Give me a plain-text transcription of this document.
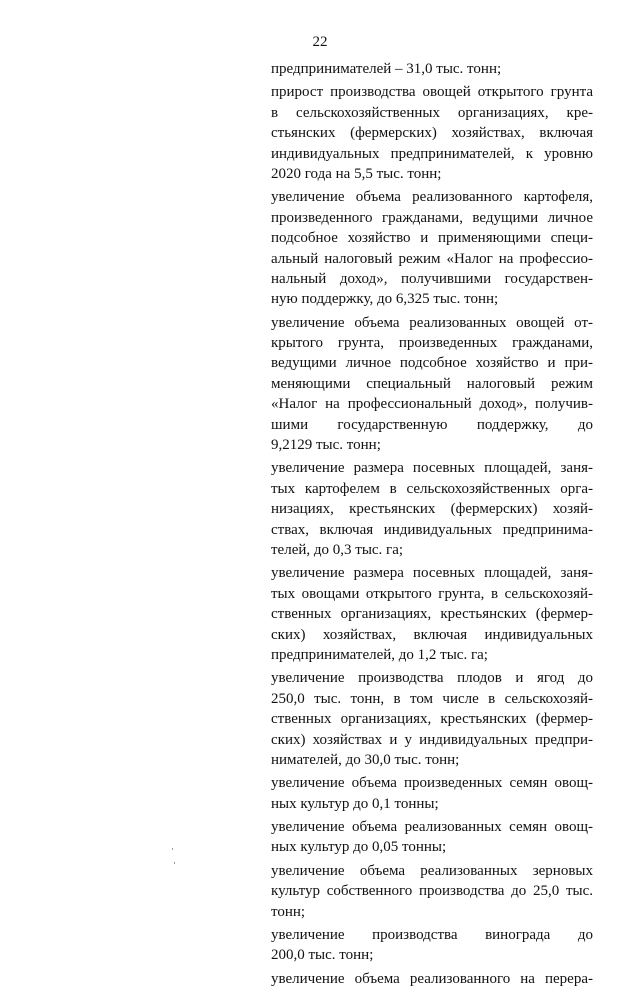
22
предпринимателей – 31,0 тыс. тонн;
прирост производства овощей открытого грунта
в сельскохозяйственных организациях, кре-
стьянских (фермерских) хозяйствах, включая
индивидуальных предпринимателей, к уровню
2020 года на 5,5 тыс. тонн;
увеличение объема реализованного картофеля,
произведенного гражданами, ведущими личное
подсобное хозяйство и применяющими специ-
альный налоговый режим «Налог на профессио-
нальный доход», получившими государствен-
ную поддержку, до 6,325 тыс. тонн;
увеличение объема реализованных овощей от-
крытого грунта, произведенных гражданами,
ведущими личное подсобное хозяйство и при-
меняющими специальный налоговый режим
«Налог на профессиональный доход», получив-
шими государственную поддержку, до
9,2129 тыс. тонн;
увеличение размера посевных площадей, заня-
тых картофелем в сельскохозяйственных орга-
низациях, крестьянских (фермерских) хозяй-
ствах, включая индивидуальных предпринима-
телей, до 0,3 тыс. га;
увеличение размера посевных площадей, заня-
тых овощами открытого грунта, в сельскохозяй-
ственных организациях, крестьянских (фермер-
ских) хозяйствах, включая индивидуальных
предпринимателей, до 1,2 тыс. га;
увеличение производства плодов и ягод до
250,0 тыс. тонн, в том числе в сельскохозяй-
ственных организациях, крестьянских (фермер-
ских) хозяйствах и у индивидуальных предпри-
нимателей, до 30,0 тыс. тонн;
увеличение объема произведенных семян овощ-
ных культур до 0,1 тонны;
увеличение объема реализованных семян овощ-
ных культур до 0,05 тонны;
увеличение объема реализованных зерновых
культур собственного производства до 25,0 тыс.
тонн;
увеличение производства винограда до
200,0 тыс. тонн;
увеличение объема реализованного на перера-
